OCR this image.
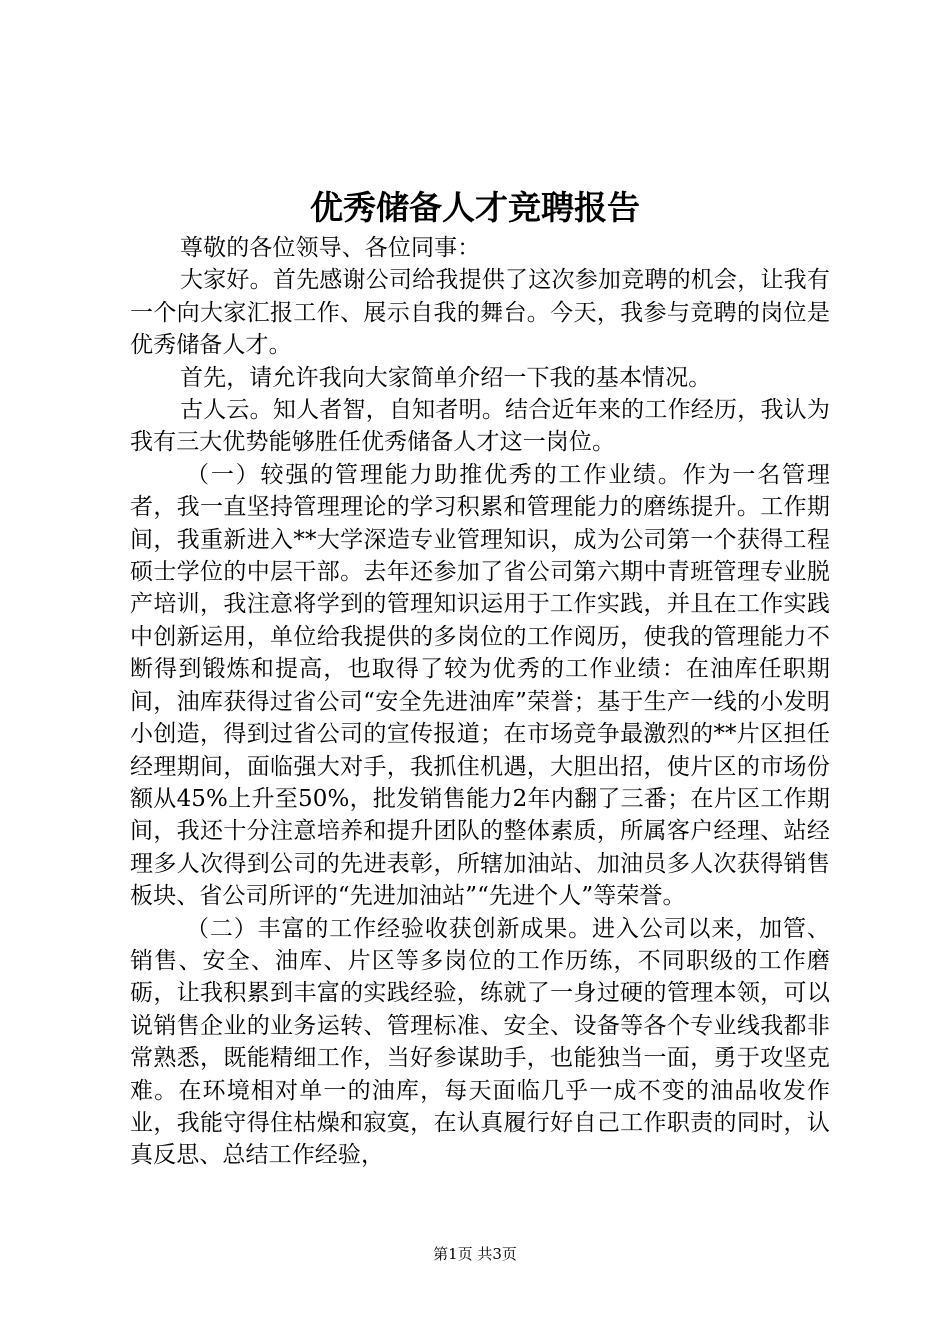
优秀储备人才竞聘报告

尊敬的各位领导、各位同事：

大家好。首先感谢公司给我提供了这次参加竞聘的机会，让我有一个向大家汇报工作、展示自我的舞台。今天，我参与竞聘的岗位是优秀储备人才。

首先，请允许我向大家简单介绍一下我的基本情况。

古人云。知人者智，自知者明。结合近年来的工作经历，我认为我有三大优势能够胜任优秀储备人才这一岗位。

（一）较强的管理能力助推优秀的工作业绩。作为一名管理者，我一直坚持管理理论的学习积累和管理能力的磨练提升。工作期间，我重新进入**大学深造专业管理知识，成为公司第一个获得工程硕士学位的中层干部。去年还参加了省公司第六期中青班管理专业脱产培训，我注意将学到的管理知识运用于工作实践，并且在工作实践中创新运用，单位给我提供的多岗位的工作阅历，使我的管理能力不断得到锻炼和提高，也取得了较为优秀的工作业绩：在油库任职期间，油库获得过省公司“安全先进油库”荣誉；基于生产一线的小发明小创造，得到过省公司的宣传报道；在市场竞争最激烈的**片区担任经理期间，面临强大对手，我抓住机遇，大胆出招，使片区的市场份额从45%上升至50%，批发销售能力2年内翻了三番；在片区工作期间，我还十分注意培养和提升团队的整体素质，所属客户经理、站经理多人次得到公司的先进表彰，所辖加油站、加油员多人次获得销售板块、省公司所评的“先进加油站”“先进个人”等荣誉。

（二）丰富的工作经验收获创新成果。进入公司以来，加管、销售、安全、油库、片区等多岗位的工作历练，不同职级的工作磨砺，让我积累到丰富的实践经验，练就了一身过硬的管理本领，可以说销售企业的业务运转、管理标准、安全、设备等各个专业线我都非常熟悉，既能精细工作，当好参谋助手，也能独当一面，勇于攻坚克难。在环境相对单一的油库，每天面临几乎一成不变的油品收发作业，我能守得住枯燥和寂寞，在认真履行好自己工作职责的同时，认真反思、总结工作经验，

第1页 共3页
